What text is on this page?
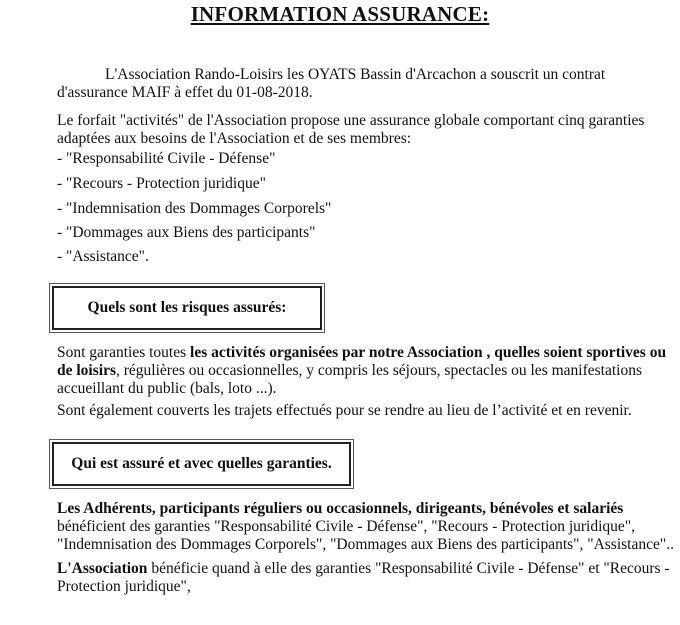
INFORMATION ASSURANCE:
L'Association Rando-Loisirs les OYATS Bassin d'Arcachon a souscrit un contrat d'assurance MAIF à effet du 01-08-2018.
Le forfait "activités" de l'Association propose une assurance globale comportant cinq garanties adaptées aux besoins de l'Association et de ses membres:
- "Responsabilité Civile - Défense"
- "Recours - Protection juridique"
- "Indemnisation des Dommages Corporels"
- "Dommages aux Biens des participants"
- "Assistance".
Quels sont les risques assurés:
Sont garanties toutes les activités organisées par notre Association , quelles soient sportives ou de loisirs, régulières ou occasionnelles, y compris les séjours, spectacles ou les manifestations accueillant du public (bals, loto ...).
Sont également couverts les trajets effectués pour se rendre au lieu de l’activité et en revenir.
Qui est assuré et avec quelles garanties.
Les Adhérents, participants réguliers ou occasionnels, dirigeants, bénévoles et salariés bénéficient des garanties "Responsabilité Civile - Défense", "Recours - Protection juridique", "Indemnisation des Dommages Corporels", "Dommages aux Biens des participants", "Assistance"..
L'Association bénéficie quand à elle des garanties "Responsabilité Civile - Défense" et "Recours - Protection juridique",
